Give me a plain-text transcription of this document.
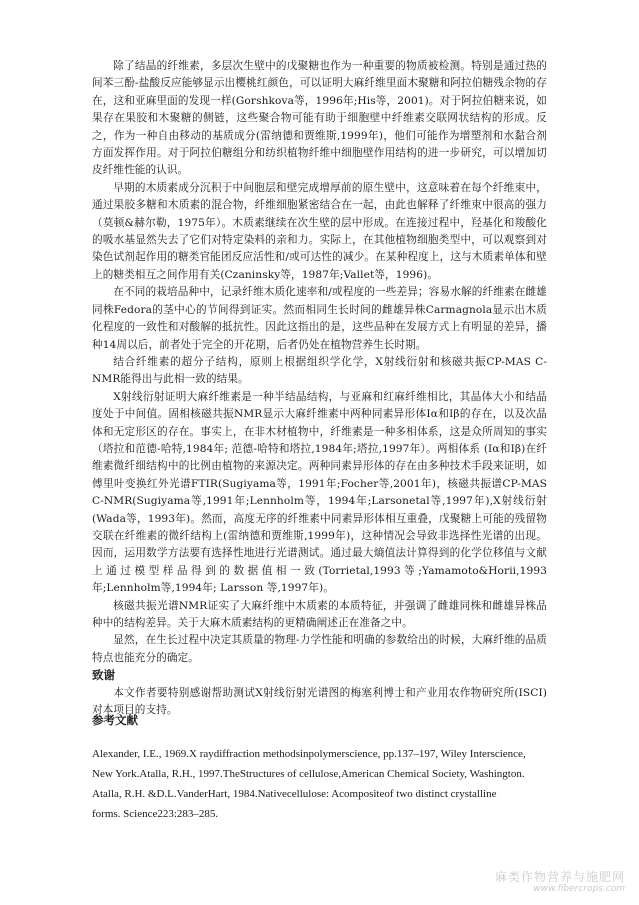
除了结晶的纤维素，多层次生壁中的戊聚糖也作为一种重要的物质被检测。特别是通过热的间苯三酚-盐酸反应能够显示出樱桃红颜色，可以证明大麻纤维里面木聚糖和阿拉伯糖残余物的存在，这和亚麻里面的发现一样(Gorshkova等，1996年;His等，2001)。对于阿拉伯糖来说，如果存在果胶和木聚糖的侧链，这些聚合物可能有助于细胞壁中纤维素交联网状结构的形成。反之，作为一种自由移动的基质成分(雷纳德和贾维斯,1999年)，他们可能作为增塑剂和水黏合剂方面发挥作用。对于阿拉伯糖组分和纺织植物纤维中细胞壁作用结构的进一步研究，可以增加切皮纤维性能的认识。

早期的木质素成分沉积于中间胞层和壁完成增厚前的原生壁中，这意味着在每个纤维束中，通过果胶多糖和木质素的混合物，纤维细胞紧密结合在一起，由此也解释了纤维束中很高的强力（莫顿&赫尔勒，1975年）。木质素继续在次生壁的层中形成。在连接过程中，羟基化和羧酸化的吸水基显然失去了它们对特定染料的亲和力。实际上，在其他植物细胞类型中，可以观察到对染色试剂起作用的糖类官能团反应活性和/或可达性的减少。在某种程度上，这与木质素单体和壁上的糖类相互之间作用有关(Czaninsky等，1987年;Vallet等，1996)。

在不同的栽培品种中，记录纤维木质化速率和/或程度的一些差异；容易水解的纤维素在雌雄同株Fedora的茎中心的节间得到证实。然而相同生长时间的雌雄异株Carmagnola显示出木质化程度的一致性和对酸解的抵抗性。因此这指出的是，这些品种在发展方式上有明显的差异，播种14周以后，前者处于完全的开花期，后者仍处在植物营养生长时期。

结合纤维素的超分子结构，原则上根据组织学化学，X射线衍射和核磁共振CP-MAS C-NMR能得出与此相一致的结果。

X射线衍射证明大麻纤维素是一种半结晶结构，与亚麻和红麻纤维相比，其晶体大小和结晶度处于中间值。固相核磁共振NMR显示大麻纤维素中两种同素异形体Iα和Iβ的存在，以及次晶体和无定形区的存在。事实上，在非木材植物中，纤维素是一种多相体系，这是众所周知的事实（塔拉和范德-哈特,1984年; 范德-哈特和塔拉,1984年;塔拉,1997年）。两相体系 (Iα和Iβ)在纤维素微纤细结构中的比例由植物的来源决定。两种同素异形体的存在由多种技术手段来证明，如傅里叶变换红外光谱FTIR(Sugiyama等，1991年;Focher等,2001年)，核磁共振谱CP-MAS C-NMR(Sugiyama等,1991年;Lennholm等，1994年;Larsonetal等,1997年),X射线衍射(Wada等，1993年)。然而，高度无序的纤维素中同素异形体相互重叠，戊聚糖上可能的残留物交联在纤维素的微纤结构上(雷纳德和贾维斯,1999年)，这种情况会导致非选择性光谱的出现。因而，运用数学方法要有选择性地进行光谱测试。通过最大熵值法计算得到的化学位移值与文献上通过模型样品得到的数据值相一致(Torrietal,1993等;Yamamoto&Horii,1993年;Lennholm等,1994年; Larsson 等,1997年)。

核磁共振光谱NMR证实了大麻纤维中木质素的本质特征，并强调了雌雄同株和雌雄异株品种中的结构差异。关于大麻木质素结构的更精确阐述正在准备之中。

显然，在生长过程中决定其质量的物理-力学性能和明确的参数给出的时候，大麻纤维的品质特点也能充分的确定。

致谢

本文作者要特别感谢帮助测试X射线衍射光谱图的梅塞利博士和产业用农作物研究所(ISCI)对本项目的支持。

参考文献

Alexander, I.E., 1969.X raydiffraction methodsinpolymerscience, pp.137–197, Wiley Interscience,

New York.Atalla, R.H., 1997.TheStructures of cellulose,American Chemical Society, Washington.

Atalla, R.H. &D.L.VanderHart, 1984.Nativecellulose: Acompositeof two distinct crystalline

forms. Science223:283–285.

麻类作物营养与施肥网
www.fibercrops.com
